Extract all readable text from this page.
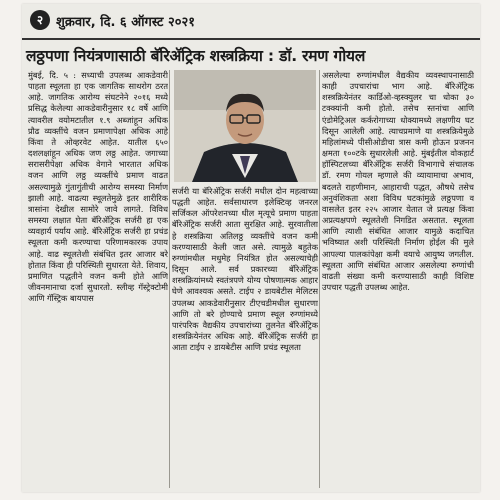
२ शुक्रवार, दि. ६ ऑगस्ट २०२१
लठ्ठपणा नियंत्रणासाठी बॅरिॲट्रिक शस्त्रक्रिया : डॉ. रमण गोयल

मुंबई, दि. ५ : सध्याची उपलब्ध आकडेवारी पाहता स्थूलता हा एक जागतिक साथरोग ठरत आहे. जागतिक आरोग्य संघटनेने २०१६ मध्ये प्रसिद्ध केलेल्या आकडेवारीनुसार १८ वर्षे आणि त्यावरील वयोमटातील १.९ अब्जांहून अधिक प्रौढ व्यक्तींचे वजन प्रमाणापेक्षा अधिक आहे किंवा ते ओव्हरवेट आहेत. यातील ६५० दशलक्षांहून अधिक जण लठ्ठ आहेत. जगाच्या सरासरीपेक्षा अधिक वेगाने भारतात अधिक वजन आणि लठ्ठ व्यक्तींचे प्रमाण वाढत असल्यामुळे गुंतागुंतीची आरोग्य समस्या निर्माण झाली आहे. वाढत्या स्थूलतेमुळे इतर शारीरिक त्रासांना देखील सामोरे जावे लागते. विविध समस्या लक्षात घेता बॅरिॲट्रिक सर्जरी हा एक व्यवहार्य पर्याय आहे. बॅरिॲट्रिक सर्जरी हा प्रचंड स्थूलता कमी करण्याचा परिणामकारक उपाय आहे. वाढ स्थूलतेशी संबंधित इतर आजार बरे होतात किंवा ही परिस्थिती सुधारता येते. शिवाय, प्रमाणित पद्धतीने वजन कमी होते आणि जीवनमानाचा दर्जा सुधारतो. स्लीव्ह गॅस्ट्रेक्टोमी आणि गॅस्ट्रिक बायपास

सर्जरी या बॅरिॲट्रिक सर्जरी मधील दोन महत्वाच्या पद्धती आहेत. सर्वसाधारण इलेक्टिव्ह जनरल सर्जिकल ऑपरेशनच्या धील मृत्यूचे प्रमाण पाहता बॅरिॲट्रिक सर्जरी आता सुरक्षित आहे. सुरवातीला हे शस्त्रक्रिया अतिलठ्ठ व्यक्तींचे वजन कमी करण्यासाठी केली जात असे. त्यामुळे बहुतेक रुग्णांमधील मधुमेह नियंत्रित होत असल्याचेही दिसून आले. सर्व प्रकारच्या बॅरिॲट्रिक शस्त्रक्रियांमध्ये स्वतंत्रपणे योग्य पोषणात्मक आहार घेणे आवश्यक असते. टाईप २ डायबेटीस मेलिटस उपलब्ध आकडेवारीनुसार टीएचडीमधील सुधारणा आणि तो बरे होण्याचे प्रमाण स्थूल रुग्णांमध्ये पारंपरिक वैद्यकीय उपचारांच्या तुलनेत बॅरिॲट्रिक शस्त्रक्रियेनंतर अधिक आहे. बॅरिॲट्रिक सर्जरी हा आता टाईप २ डायबेटीस आणि प्रचंड स्थूलता

असलेल्या रुग्णांमधील वैद्यकीय व्यवस्थापनासाठी काही उपचारांचा भाग आहे. बॅरिॲट्रिक शस्त्रक्रियेनंतर कार्डिओ-व्हस्क्युलर चा धोका ३० टक्क्यांनी कमी होतो. तसेच स्तनांचा आणि एंडोमेट्रिअल कर्करोगाच्या धोक्यामध्ये लक्षणीय घट दिसून आलेली आहे. त्याचप्रमाणे या शस्त्रक्रियेमुळे महिलांमध्ये पीसीओडीचा त्रास कमी होऊन प्रजनन क्षमता १००टके सुधारलेली आहे. मुंबईतील वोकहार्ट हॉस्पिटलच्या बॅरिॲट्रिक सर्जरी विभागाचे संचालक डॉ. रमण गोयल म्हणाले की व्यायामाचा अभाव, बदलते राहणीमान, आहाराची पद्धत, औषधे तसेच अनुवंशिकता अशा विविध घटकांमुळे लठ्ठपणा व वासलेत इतर २२५ आजार येतात जे प्रत्यक्ष किंवा अप्रत्यक्षपणे स्थूलतेशी निगडित असतात. स्थूलता आणि त्याशी संबंधित आजार यामुळे कदाचित भविष्यात अशी परिस्थिती निर्माण होईल की मुले आपल्या पालकांपेक्षा कमी वयाचे आयुष्य जगतील. स्थूलता आणि संबंधित आजार असलेल्या रुग्णांची वाढती संख्या कमी करण्यासाठी काही विशिष्ट उपचार पद्धती उपलब्ध आहेत.
